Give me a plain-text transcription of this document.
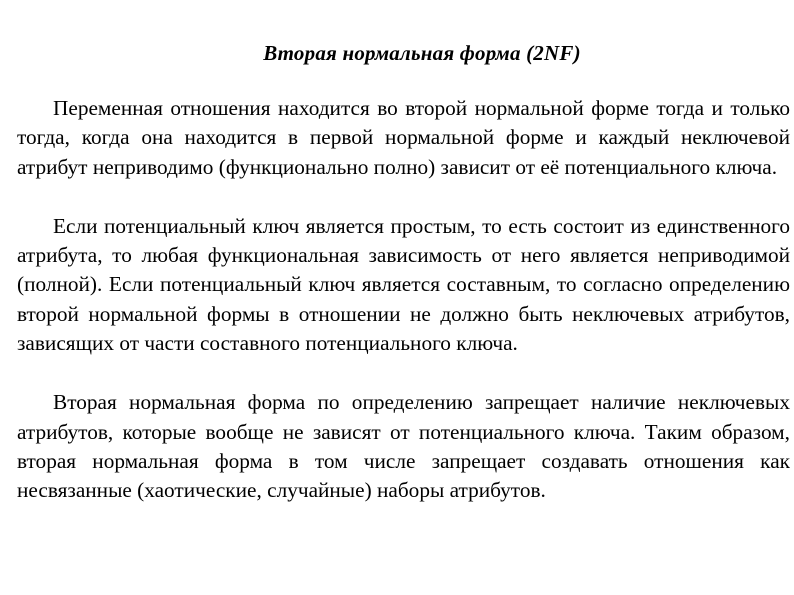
Вторая нормальная форма (2NF)

Переменная отношения находится во второй нормальной форме тогда и только тогда, когда она находится в первой нормальной форме и каждый неключевой атрибут неприводимо (функционально полно) зависит от её потенциального ключа.

Если потенциальный ключ является простым, то есть состоит из единственного атрибута, то любая функциональная зависимость от него является неприводимой (полной). Если потенциальный ключ является составным, то согласно определению второй нормальной формы в отношении не должно быть неключевых атрибутов, зависящих от части составного потенциального ключа.

Вторая нормальная форма по определению запрещает наличие неключевых атрибутов, которые вообще не зависят от потенциального ключа. Таким образом, вторая нормальная форма в том числе запрещает создавать отношения как несвязанные (хаотические, случайные) наборы атрибутов.
